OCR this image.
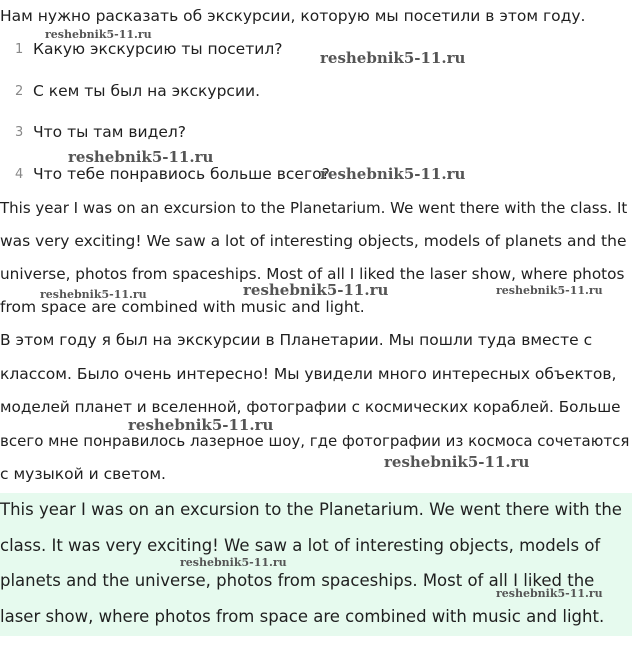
Нам нужно расказать об экскурсии, которую мы посетили в этом году.
1 Какую экскурсию ты посетил?
2 С кем ты был на экскурсии.
3 Что ты там видел?
4 Что тебе понравиось больше всего?
This year I was on an excursion to the Planetarium. We went there with the class. It
was very exciting! We saw a lot of interesting objects, models of planets and the
universe, photos from spaceships. Most of all I liked the laser show, where photos
from space are combined with music and light.
В этом году я был на экскурсии в Планетарии. Мы пошли туда вместе с
классом. Было очень интересно! Мы увидели много интересных объектов,
моделей планет и вселенной, фотографии с космических кораблей. Больше
всего мне понравилось лазерное шоу, где фотографии из космоса сочетаются
с музыкой и светом.
This year I was on an excursion to the Planetarium. We went there with the
class. It was very exciting! We saw a lot of interesting objects, models of
planets and the universe, photos from spaceships. Most of all I liked the
laser show, where photos from space are combined with music and light.
reshebnik5-11.ru
reshebnik5-11.ru
reshebnik5-11.ru
reshebnik5-11.ru
reshebnik5-11.ru	reshebnik5-11.ru	reshebnik5-11.ru
reshebnik5-11.ru
reshebnik5-11.ru
reshebnik5-11.ru
reshebnik5-11.ru
